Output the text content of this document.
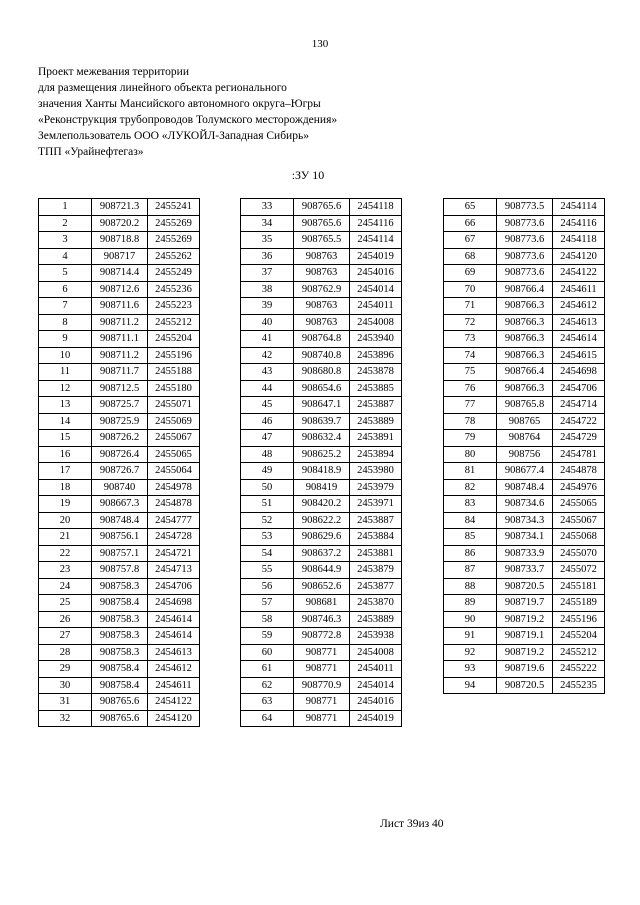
130
Проект межевания территории
для размещения линейного объекта регионального
значения Ханты Мансийского автономного округа–Югры
«Реконструкция трубопроводов Толумского месторождения»
Землепользователь ООО «ЛУКОЙЛ-Западная Сибирь»
ТПП «Урайнефтегаз»
:ЗУ 10
1	908721.3	2455241
2	908720.2	2455269
3	908718.8	2455269
4	908717	2455262
5	908714.4	2455249
6	908712.6	2455236
7	908711.6	2455223
8	908711.2	2455212
9	908711.1	2455204
10	908711.2	2455196
11	908711.7	2455188
12	908712.5	2455180
13	908725.7	2455071
14	908725.9	2455069
15	908726.2	2455067
16	908726.4	2455065
17	908726.7	2455064
18	908740	2454978
19	908667.3	2454878
20	908748.4	2454777
21	908756.1	2454728
22	908757.1	2454721
23	908757.8	2454713
24	908758.3	2454706
25	908758.4	2454698
26	908758.3	2454614
27	908758.3	2454614
28	908758.3	2454613
29	908758.4	2454612
30	908758.4	2454611
31	908765.6	2454122
32	908765.6	2454120
33	908765.6	2454118
34	908765.6	2454116
35	908765.5	2454114
36	908763	2454019
37	908763	2454016
38	908762.9	2454014
39	908763	2454011
40	908763	2454008
41	908764.8	2453940
42	908740.8	2453896
43	908680.8	2453878
44	908654.6	2453885
45	908647.1	2453887
46	908639.7	2453889
47	908632.4	2453891
48	908625.2	2453894
49	908418.9	2453980
50	908419	2453979
51	908420.2	2453971
52	908622.2	2453887
53	908629.6	2453884
54	908637.2	2453881
55	908644.9	2453879
56	908652.6	2453877
57	908681	2453870
58	908746.3	2453889
59	908772.8	2453938
60	908771	2454008
61	908771	2454011
62	908770.9	2454014
63	908771	2454016
64	908771	2454019
65	908773.5	2454114
66	908773.6	2454116
67	908773.6	2454118
68	908773.6	2454120
69	908773.6	2454122
70	908766.4	2454611
71	908766.3	2454612
72	908766.3	2454613
73	908766.3	2454614
74	908766.3	2454615
75	908766.4	2454698
76	908766.3	2454706
77	908765.8	2454714
78	908765	2454722
79	908764	2454729
80	908756	2454781
81	908677.4	2454878
82	908748.4	2454976
83	908734.6	2455065
84	908734.3	2455067
85	908734.1	2455068
86	908733.9	2455070
87	908733.7	2455072
88	908720.5	2455181
89	908719.7	2455189
90	908719.2	2455196
91	908719.1	2455204
92	908719.2	2455212
93	908719.6	2455222
94	908720.5	2455235
Лист 39из 40
